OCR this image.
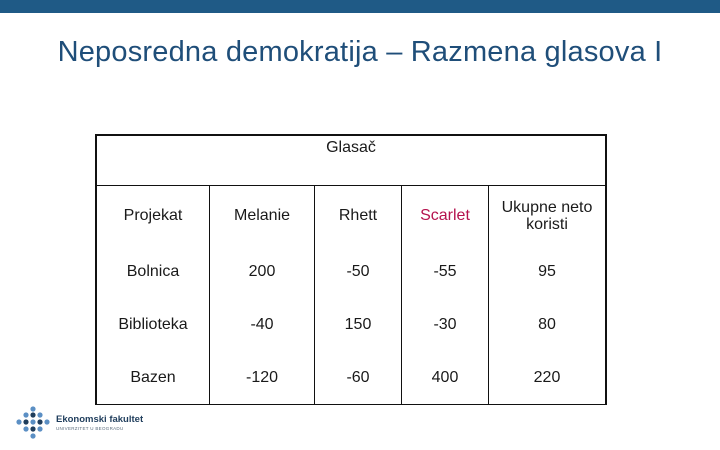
Neposredna demokratija – Razmena glasova I
Glasač				
Projekat	Melanie	Rhett	Scarlet	Ukupne neto koristi
Bolnica	200	-50	-55	95
Biblioteka	-40	150	-30	80
Bazen	-120	-60	400	220
Ekonomski fakultet
UNIVERZITET U BEOGRADU
